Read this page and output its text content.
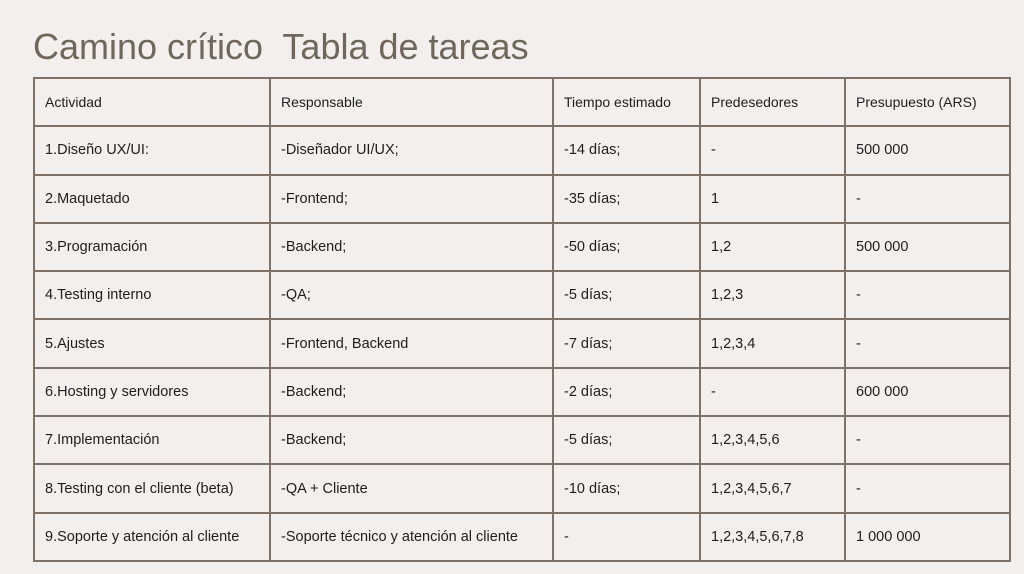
Camino crítico  Tabla de tareas
Actividad	Responsable	Tiempo estimado	Predesedores	Presupuesto (ARS)
1.Diseño UX/UI:	-Diseñador UI/UX;	-14 días;	-	500 000
2.Maquetado	-Frontend;	-35 días;	1	-
3.Programación	-Backend;	-50 días;	1,2	500 000
4.Testing interno	-QA;	-5 días;	1,2,3	-
5.Ajustes	-Frontend, Backend	-7 días;	1,2,3,4	-
6.Hosting y servidores	-Backend;	-2 días;	-	600 000
7.Implementación	-Backend;	-5 días;	1,2,3,4,5,6	-
8.Testing con el cliente (beta)	-QA + Cliente	-10 días;	1,2,3,4,5,6,7	-
9.Soporte y atención al cliente	-Soporte técnico y atención al cliente	-	1,2,3,4,5,6,7,8	1 000 000
